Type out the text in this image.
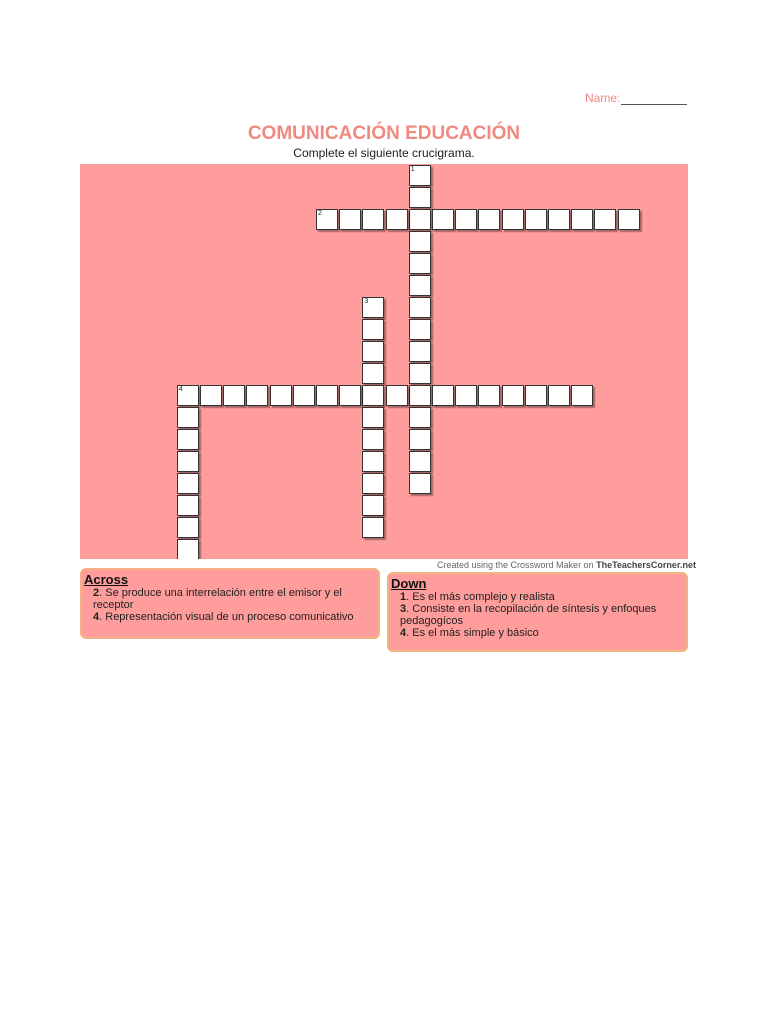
Name:
COMUNICACIÓN EDUCACIÓN
Complete el siguiente crucigrama.
1
2
3
4
Created using the Crossword Maker on TheTeachersCorner.net
Across
2. Se produce una interrelación entre el emisor y el receptor
4. Representación visual de un proceso comunicativo
Down
1. Es el más complejo y realista
3. Consiste en la recopilación de síntesis y enfoques pedagogícos
4. Es el más simple y básico
